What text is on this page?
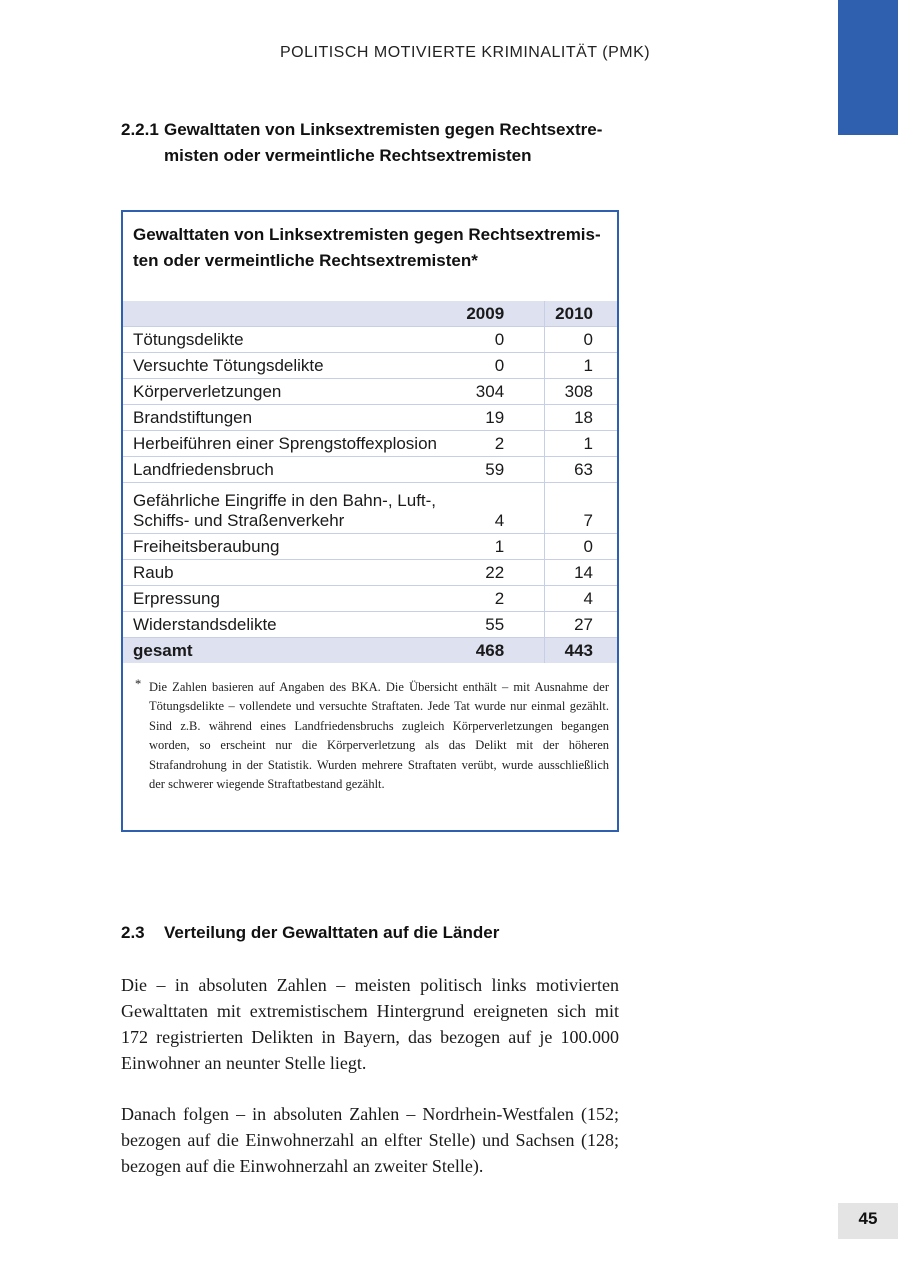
POLITISCH MOTIVIERTE KRIMINALITÄT (PMK)
2.2.1 Gewalttaten von Linksextremisten gegen Rechtsextremisten oder vermeintliche Rechtsextremisten
Gewalttaten von Linksextremisten gegen Rechtsextremisten oder vermeintliche Rechtsextremisten*
	2009	2010
Tötungsdelikte	0	0
Versuchte Tötungsdelikte	0	1
Körperverletzungen	304	308
Brandstiftungen	19	18
Herbeiführen einer Sprengstoffexplosion	2	1
Landfriedensbruch	59	63
Gefährliche Eingriffe in den Bahn-, Luft-, Schiffs- und Straßenverkehr	4	7
Freiheitsberaubung	1	0
Raub	22	14
Erpressung	2	4
Widerstandsdelikte	55	27
gesamt	468	443
* Die Zahlen basieren auf Angaben des BKA. Die Übersicht enthält – mit Ausnahme der Tötungsdelikte – vollendete und versuchte Straftaten. Jede Tat wurde nur einmal gezählt. Sind z.B. während eines Landfriedensbruchs zugleich Körperverletzungen begangen worden, so erscheint nur die Körperverletzung als das Delikt mit der höheren Strafandrohung in der Statistik. Wurden mehrere Straftaten verübt, wurde ausschließlich der schwerer wiegende Straftatbestand gezählt.
2.3	Verteilung der Gewalttaten auf die Länder
Die – in absoluten Zahlen – meisten politisch links motivierten Gewalttaten mit extremistischem Hintergrund ereigneten sich mit 172 registrierten Delikten in Bayern, das bezogen auf je 100.000 Einwohner an neunter Stelle liegt.
Danach folgen – in absoluten Zahlen – Nordrhein-Westfalen (152; bezogen auf die Einwohnerzahl an elfter Stelle) und Sachsen (128; bezogen auf die Einwohnerzahl an zweiter Stelle).
45
